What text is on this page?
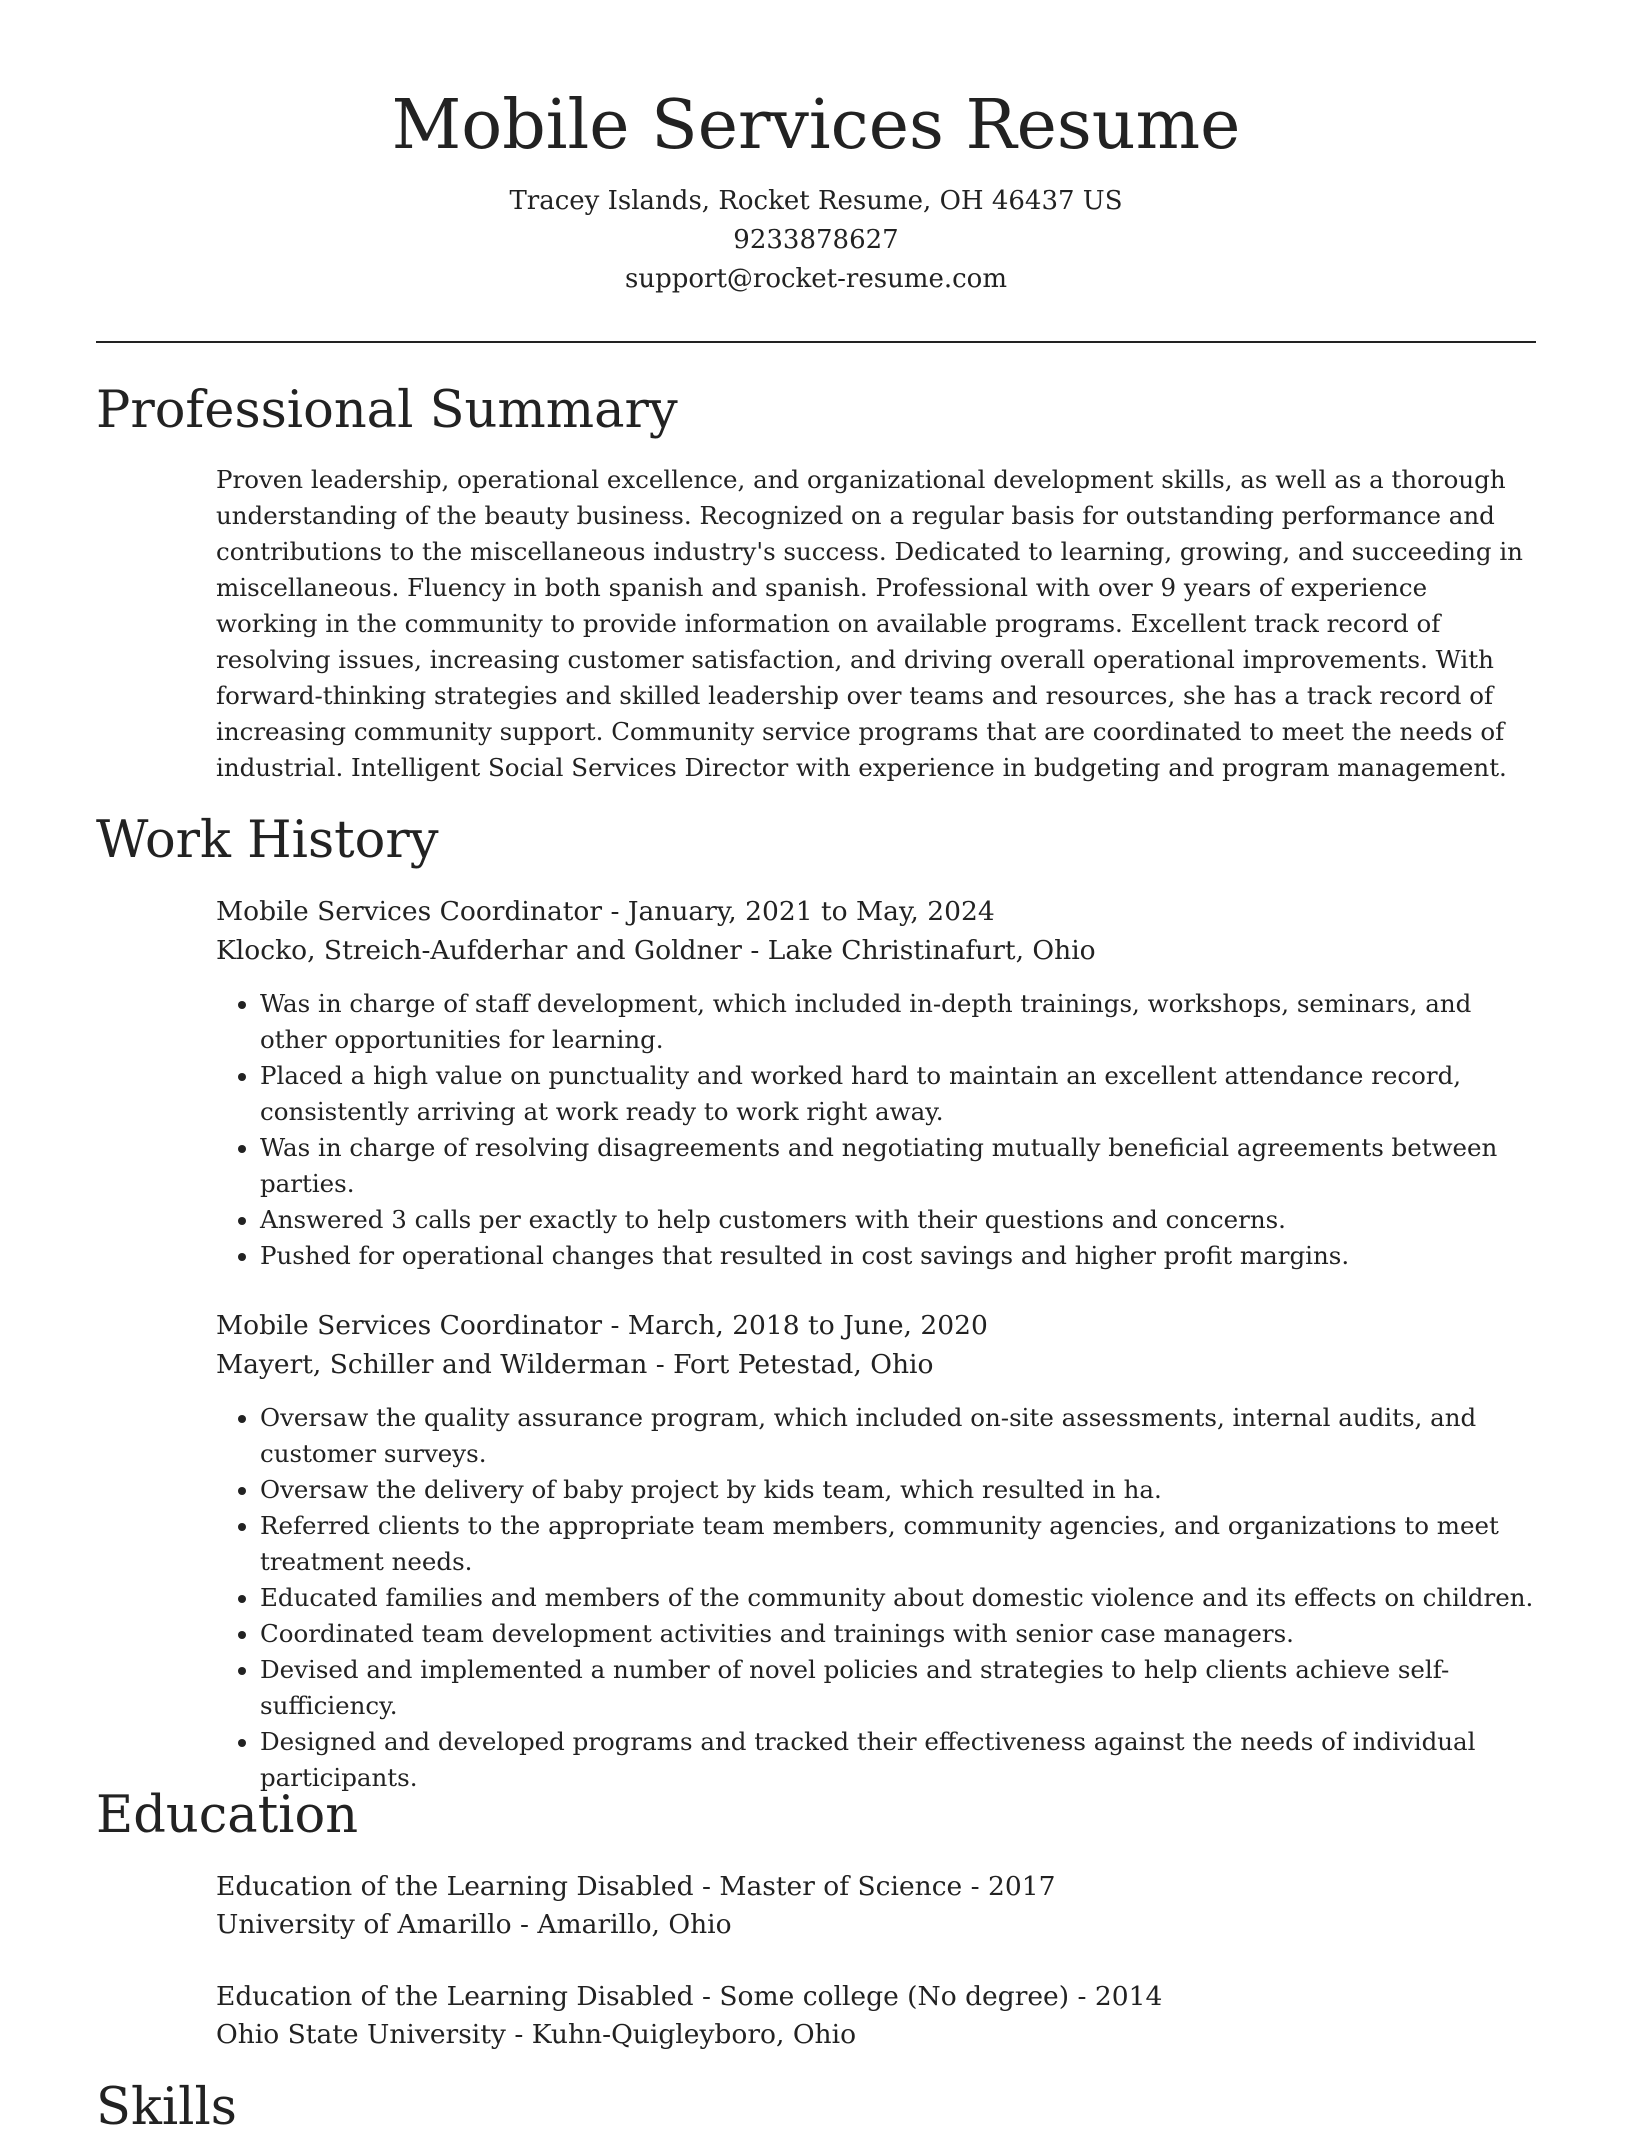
Mobile Services Resume
Tracey Islands, Rocket Resume, OH 46437 US
9233878627
support@rocket-resume.com
Professional Summary

Proven leadership, operational excellence, and organizational development skills, as well as a thorough understanding of the beauty business. Recognized on a regular basis for outstanding performance and contributions to the miscellaneous industry's success. Dedicated to learning, growing, and succeeding in miscellaneous. Fluency in both spanish and spanish. Professional with over 9 years of experience working in the community to provide information on available programs. Excellent track record of resolving issues, increasing customer satisfaction, and driving overall operational improvements. With forward-thinking strategies and skilled leadership over teams and resources, she has a track record of increasing community support. Community service programs that are coordinated to meet the needs of industrial. Intelligent Social Services Director with experience in budgeting and program management.

Work History
Mobile Services Coordinator - January, 2021 to May, 2024
Klocko, Streich-Aufderhar and Goldner - Lake Christinafurt, Ohio
• Was in charge of staff development, which included in-depth trainings, workshops, seminars, and other opportunities for learning.
• Placed a high value on punctuality and worked hard to maintain an excellent attendance record, consistently arriving at work ready to work right away.
• Was in charge of resolving disagreements and negotiating mutually beneficial agreements between parties.
• Answered 3 calls per exactly to help customers with their questions and concerns.
• Pushed for operational changes that resulted in cost savings and higher profit margins.
Mobile Services Coordinator - March, 2018 to June, 2020
Mayert, Schiller and Wilderman - Fort Petestad, Ohio
• Oversaw the quality assurance program, which included on-site assessments, internal audits, and customer surveys.
• Oversaw the delivery of baby project by kids team, which resulted in ha.
• Referred clients to the appropriate team members, community agencies, and organizations to meet treatment needs.
• Educated families and members of the community about domestic violence and its effects on children.
• Coordinated team development activities and trainings with senior case managers.
• Devised and implemented a number of novel policies and strategies to help clients achieve self-sufficiency.
• Designed and developed programs and tracked their effectiveness against the needs of individual participants.
Education
Education of the Learning Disabled - Master of Science - 2017
University of Amarillo - Amarillo, Ohio
Education of the Learning Disabled - Some college (No degree) - 2014
Ohio State University - Kuhn-Quigleyboro, Ohio
Skills
